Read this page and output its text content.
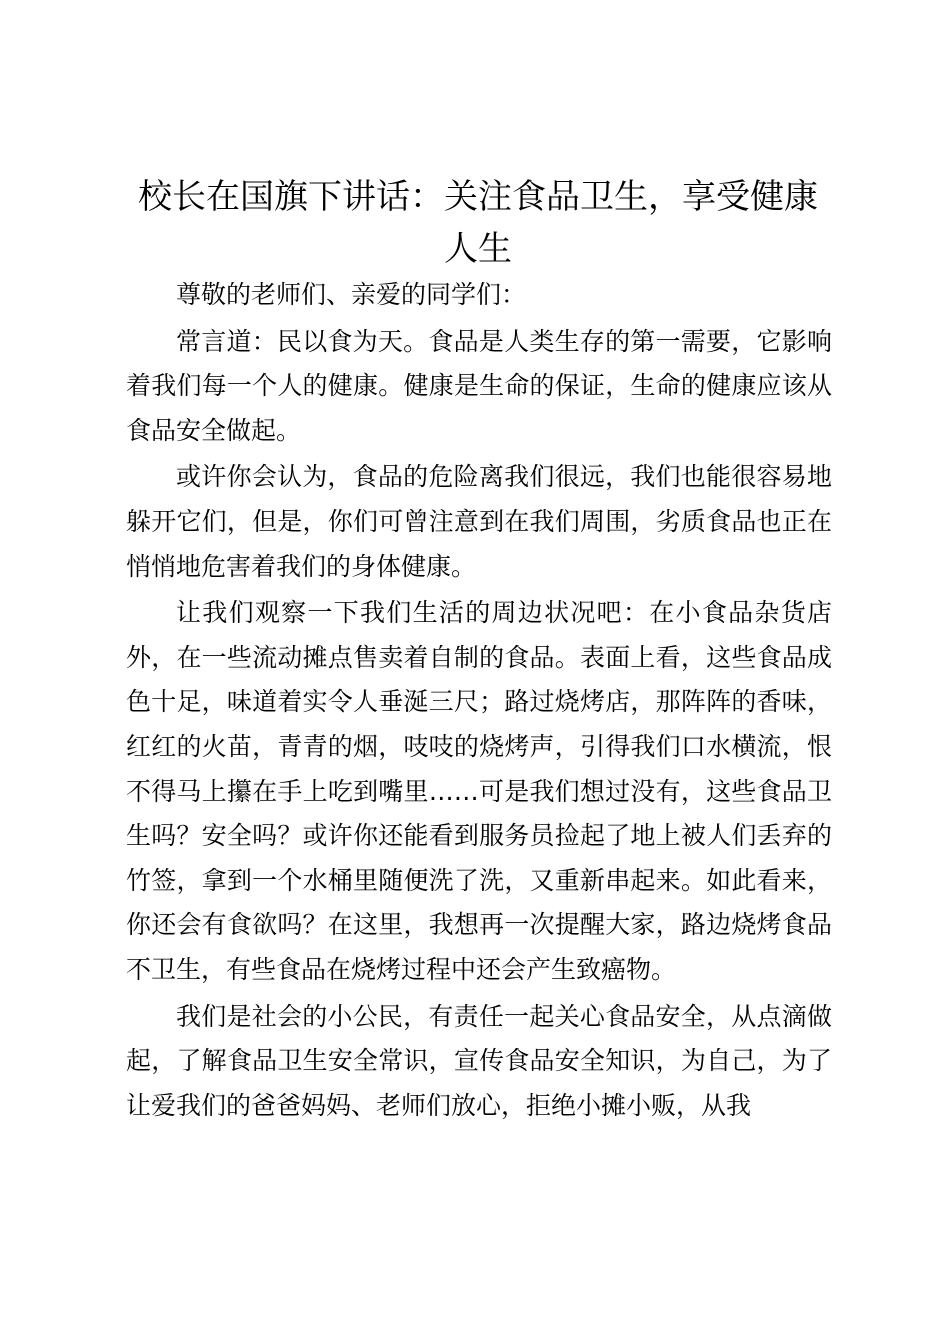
校长在国旗下讲话：关注食品卫生，享受健康人生

尊敬的老师们、亲爱的同学们：

常言道：民以食为天。食品是人类生存的第一需要，它影响着我们每一个人的健康。健康是生命的保证，生命的健康应该从食品安全做起。

或许你会认为，食品的危险离我们很远，我们也能很容易地躲开它们，但是，你们可曾注意到在我们周围，劣质食品也正在悄悄地危害着我们的身体健康。

让我们观察一下我们生活的周边状况吧：在小食品杂货店外，在一些流动摊点售卖着自制的食品。表面上看，这些食品成色十足，味道着实令人垂涎三尺；路过烧烤店，那阵阵的香味，红红的火苗，青青的烟，吱吱的烧烤声，引得我们口水横流，恨不得马上攥在手上吃到嘴里……可是我们想过没有，这些食品卫生吗？安全吗？或许你还能看到服务员捡起了地上被人们丢弃的竹签，拿到一个水桶里随便洗了洗，又重新串起来。如此看来，你还会有食欲吗？在这里，我想再一次提醒大家，路边烧烤食品不卫生，有些食品在烧烤过程中还会产生致癌物。

我们是社会的小公民，有责任一起关心食品安全，从点滴做起，了解食品卫生安全常识，宣传食品安全知识，为自己，为了让爱我们的爸爸妈妈、老师们放心，拒绝小摊小贩，从我
